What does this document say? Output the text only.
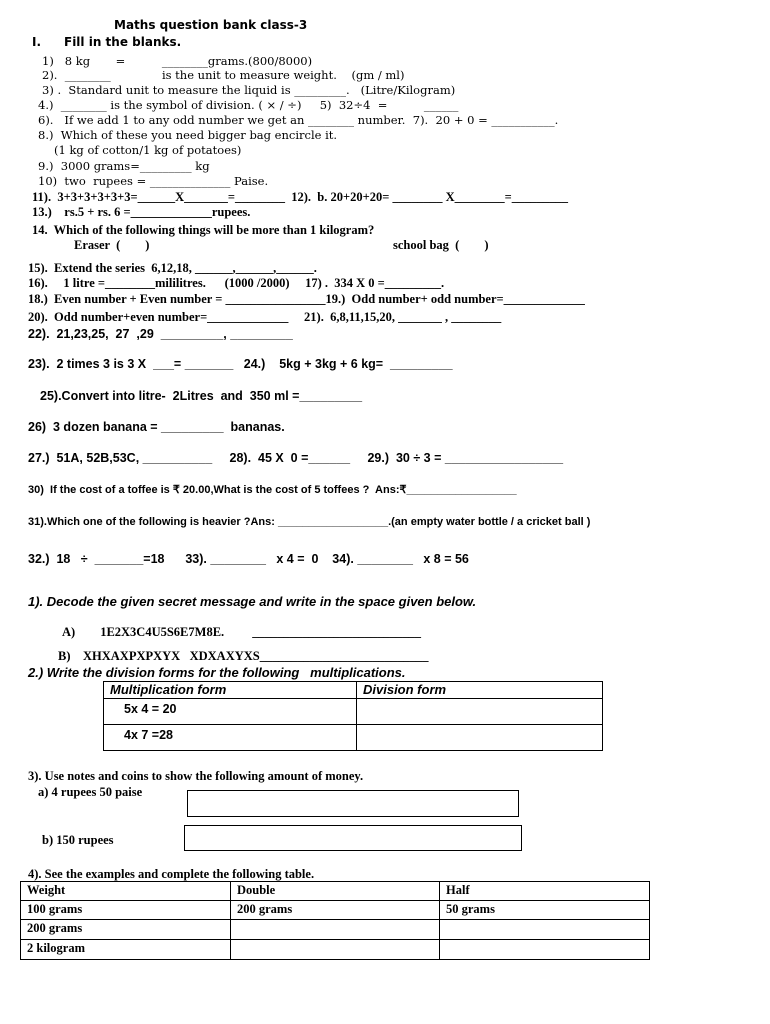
Maths question bank class-3
I. Fill in the blanks.
1)   8 kg       =          ________grams.(800/8000)
2).  ________              is the unit to measure weight.    (gm / ml)
3) .  Standard unit to measure the liquid is _________.   (Litre/Kilogram)
4.)  ________ is the symbol of division. ( × / ÷)     5)  32÷4  =          ______
6).   If we add 1 to any odd number we get an ________ number.  7).  20 + 0 = ___________.
8.)  Which of these you need bigger bag encircle it.
(1 kg of cotton/1 kg of potatoes)
9.)  3000 grams=_________ kg
10)  two  rupees = ______________ Paise.
11).  3+3+3+3+3+3=______X_______=________  12).  b. 20+20+20= ________ X________=_________
13.)    rs.5 + rs. 6 =_____________rupees.
14.  Which of the following things will be more than 1 kilogram?
Eraser  (        )	school bag  (        )
15).  Extend the series  6,12,18, ______,______,______.
16).     1 litre =________mililitres.      (1000 /2000)     17) .  334 X 0 =_________.
18.)  Even number + Even number = ________________19.)  Odd number+ odd number=_____________
20).  Odd number+even number=_____________     21).  6,8,11,15,20, _______ , ________
22).  21,23,25,  27  ,29  _________, _________
23).  2 times 3 is 3 X  ___= _______   24.)    5kg + 3kg + 6 kg=  _________
25).Convert into litre-  2Litres  and  350 ml =_________
26)  3 dozen banana = _________  bananas.
27.)  51A, 52B,53C, __________     28).  45 X  0 =______     29.)  30 ÷ 3 = _________________
30)  If the cost of a toffee is ₹ 20.00,What is the cost of 5 toffees ?  Ans:₹__________________
31).Which one of the following is heavier ?Ans: __________________.(an empty water bottle / a cricket ball )
32.)  18   ÷  _______=18      33). ________   x 4 =  0    34). ________   x 8 = 56
1). Decode the given secret message and write in the space given below.
A)        1E2X3C4U5S6E7M8E.         ___________________________
B)    XHXAXPXPXYX   XDXAXYXS___________________________
2.) Write the division forms for the following   multiplications.
Multiplication form	Division form
5x 4 = 20	
4x 7 =28	
3). Use notes and coins to show the following amount of money.
a) 4 rupees 50 paise
b) 150 rupees
4). See the examples and complete the following table.
Weight	Double	Half
100 grams	200 grams	50 grams
200 grams		
2 kilogram		
